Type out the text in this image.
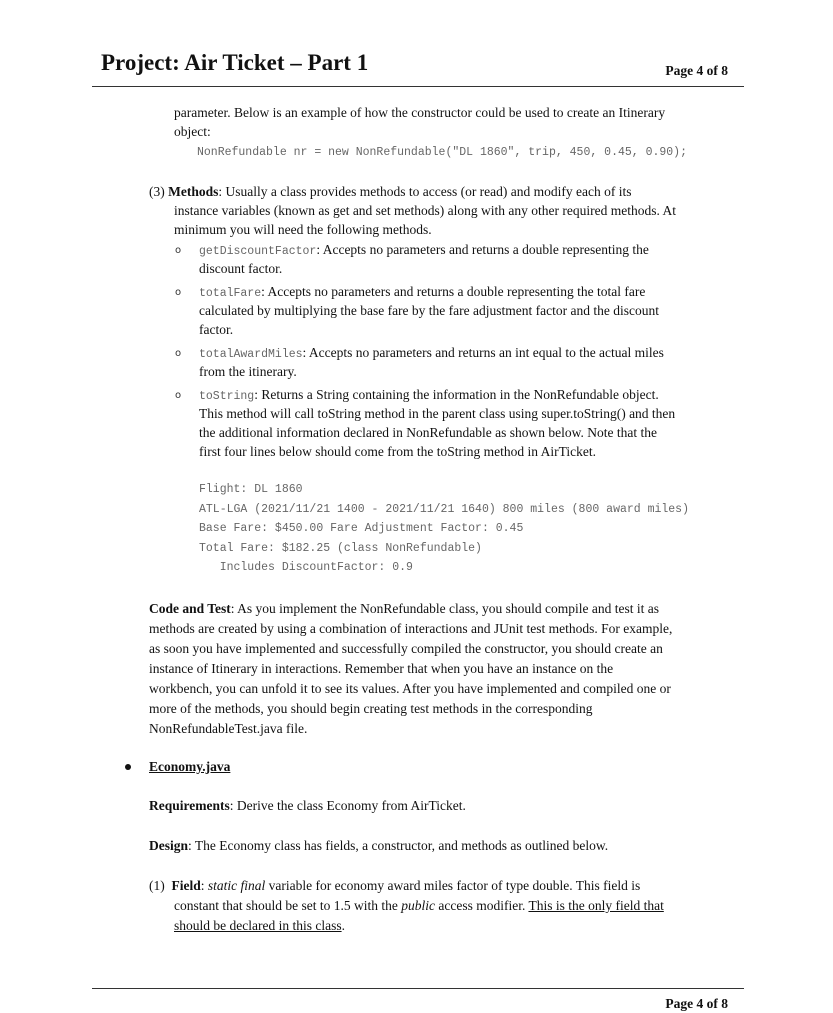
Project: Air Ticket – Part 1	Page 4 of 8
parameter. Below is an example of how the constructor could be used to create an Itinerary
object:
NonRefundable nr = new NonRefundable("DL 1860", trip, 450, 0.45, 0.90);
(3) Methods: Usually a class provides methods to access (or read) and modify each of its
instance variables (known as get and set methods) along with any other required methods. At
minimum you will need the following methods.
o getDiscountFactor: Accepts no parameters and returns a double representing the
discount factor.
o totalFare: Accepts no parameters and returns a double representing the total fare
calculated by multiplying the base fare by the fare adjustment factor and the discount
factor.
o totalAwardMiles: Accepts no parameters and returns an int equal to the actual miles
from the itinerary.
o toString: Returns a String containing the information in the NonRefundable object.
This method will call toString method in the parent class using super.toString() and then
the additional information declared in NonRefundable as shown below. Note that the
first four lines below should come from the toString method in AirTicket.
Flight: DL 1860
ATL-LGA (2021/11/21 1400 - 2021/11/21 1640) 800 miles (800 award miles)
Base Fare: $450.00 Fare Adjustment Factor: 0.45
Total Fare: $182.25 (class NonRefundable)
Includes DiscountFactor: 0.9
Code and Test: As you implement the NonRefundable class, you should compile and test it as
methods are created by using a combination of interactions and JUnit test methods. For example,
as soon you have implemented and successfully compiled the constructor, you should create an
instance of Itinerary in interactions. Remember that when you have an instance on the
workbench, you can unfold it to see its values. After you have implemented and compiled one or
more of the methods, you should begin creating test methods in the corresponding
NonRefundableTest.java file.
Economy.java
Requirements: Derive the class Economy from AirTicket.
Design: The Economy class has fields, a constructor, and methods as outlined below.
(1) Field: static final variable for economy award miles factor of type double. This field is
constant that should be set to 1.5 with the public access modifier. This is the only field that
should be declared in this class.
Page 4 of 8
